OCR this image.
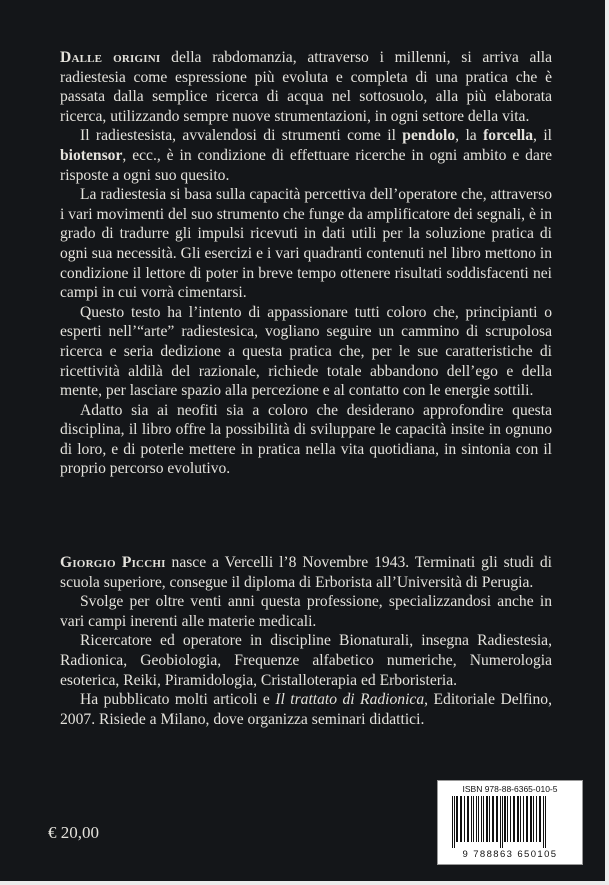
Dalle origini della rabdomanzia, attraverso i millenni, si arriva alla radiestesia come espressione più evoluta e completa di una pratica che è passata dalla semplice ricerca di acqua nel sottosuolo, alla più elaborata ricerca, utilizzando sempre nuove strumentazioni, in ogni settore della vita.

Il radiestesista, avvalendosi di strumenti come il pendolo, la forcella, il biotensor, ecc., è in condizione di effettuare ricerche in ogni ambito e dare risposte a ogni suo quesito.

La radiestesia si basa sulla capacità percettiva dell’operatore che, attraverso i vari movimenti del suo strumento che funge da amplificatore dei segnali, è in grado di tradurre gli impulsi ricevuti in dati utili per la soluzione pratica di ogni sua necessità. Gli esercizi e i vari quadranti contenuti nel libro mettono in condizione il lettore di poter in breve tempo ottenere risultati soddisfacenti nei campi in cui vorrà cimentarsi.

Questo testo ha l’intento di appassionare tutti coloro che, principianti o esperti nell’“arte” radiestesica, vogliano seguire un cammino di scrupolosa ricerca e seria dedizione a questa pratica che, per le sue caratteristiche di ricettività aldilà del razionale, richiede totale abbandono dell’ego e della mente, per lasciare spazio alla percezione e al contatto con le energie sottili.

Adatto sia ai neofiti sia a coloro che desiderano approfondire questa disciplina, il libro offre la possibilità di sviluppare le capacità insite in ognuno di loro, e di poterle mettere in pratica nella vita quotidiana, in sintonia con il proprio percorso evolutivo.

Giorgio Picchi nasce a Vercelli l’8 Novembre 1943. Terminati gli studi di scuola superiore, consegue il diploma di Erborista all’Università di Perugia.

Svolge per oltre venti anni questa professione, specializzandosi anche in vari campi inerenti alle materie medicali.

Ricercatore ed operatore in discipline Bionaturali, insegna Radiestesia, Radionica, Geobiologia, Frequenze alfabetico numeriche, Numerologia esoterica, Reiki, Piramidologia, Cristalloterapia ed Erboristeria.

Ha pubblicato molti articoli e Il trattato di Radionica, Editoriale Delfino, 2007. Risiede a Milano, dove organizza seminari didattici.

€ 20,00
ISBN 978-88-6365-010-5
9 788863 650105
